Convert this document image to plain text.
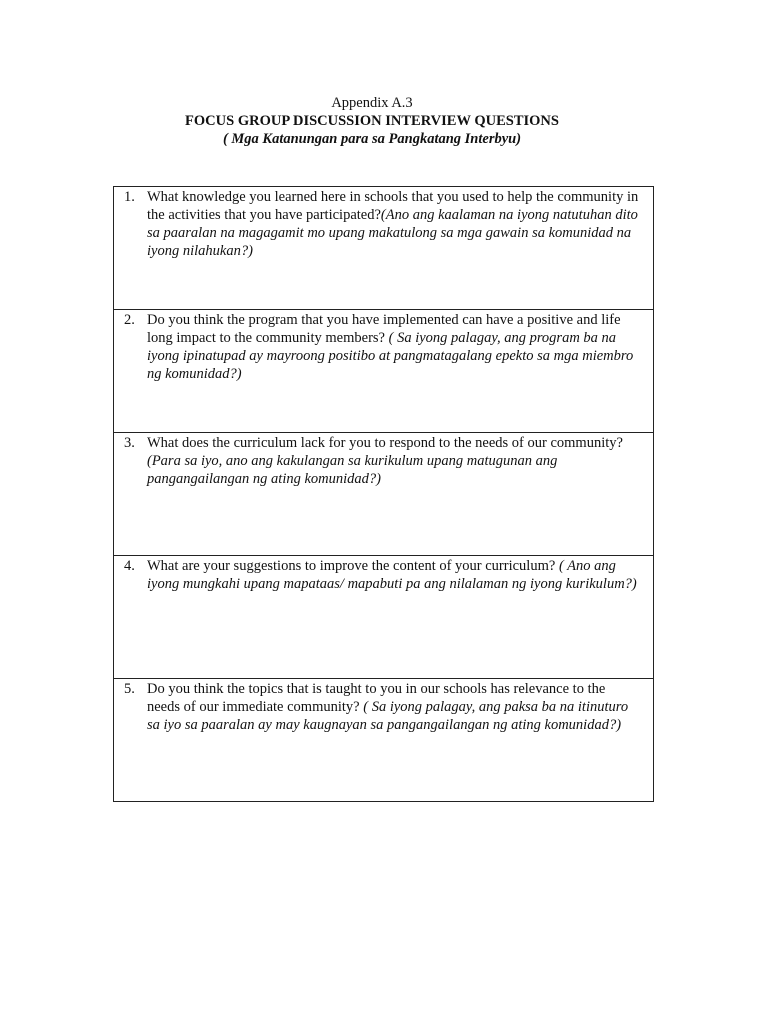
Appendix A.3
FOCUS GROUP DISCUSSION INTERVIEW QUESTIONS
( Mga Katanungan para sa Pangkatang Interbyu)
1. What knowledge you learned here in schools that you used to help the community in the activities that you have participated?(Ano ang kaalaman na iyong natutuhan dito sa paaralan na magagamit mo upang makatulong sa mga gawain sa komunidad na iyong nilahukan?)

2. Do you think the program that you have implemented can have a positive and life long impact to the community members? ( Sa iyong palagay, ang program ba na iyong ipinatupad ay mayroong positibo at pangmatagalang epekto sa mga miembro ng komunidad?)

3. What does the curriculum lack for you to respond to the needs of our community? (Para sa iyo, ano ang kakulangan sa kurikulum upang matugunan ang pangangailangan ng ating komunidad?)

4. What are your suggestions to improve the content of your curriculum? ( Ano ang iyong mungkahi upang mapataas/ mapabuti pa ang nilalaman ng iyong kurikulum?)

5. Do you think the topics that is taught to you in our schools has relevance to the needs of our immediate community? ( Sa iyong palagay, ang paksa ba na itinuturo sa iyo sa paaralan ay may kaugnayan sa pangangailangan ng ating komunidad?)
